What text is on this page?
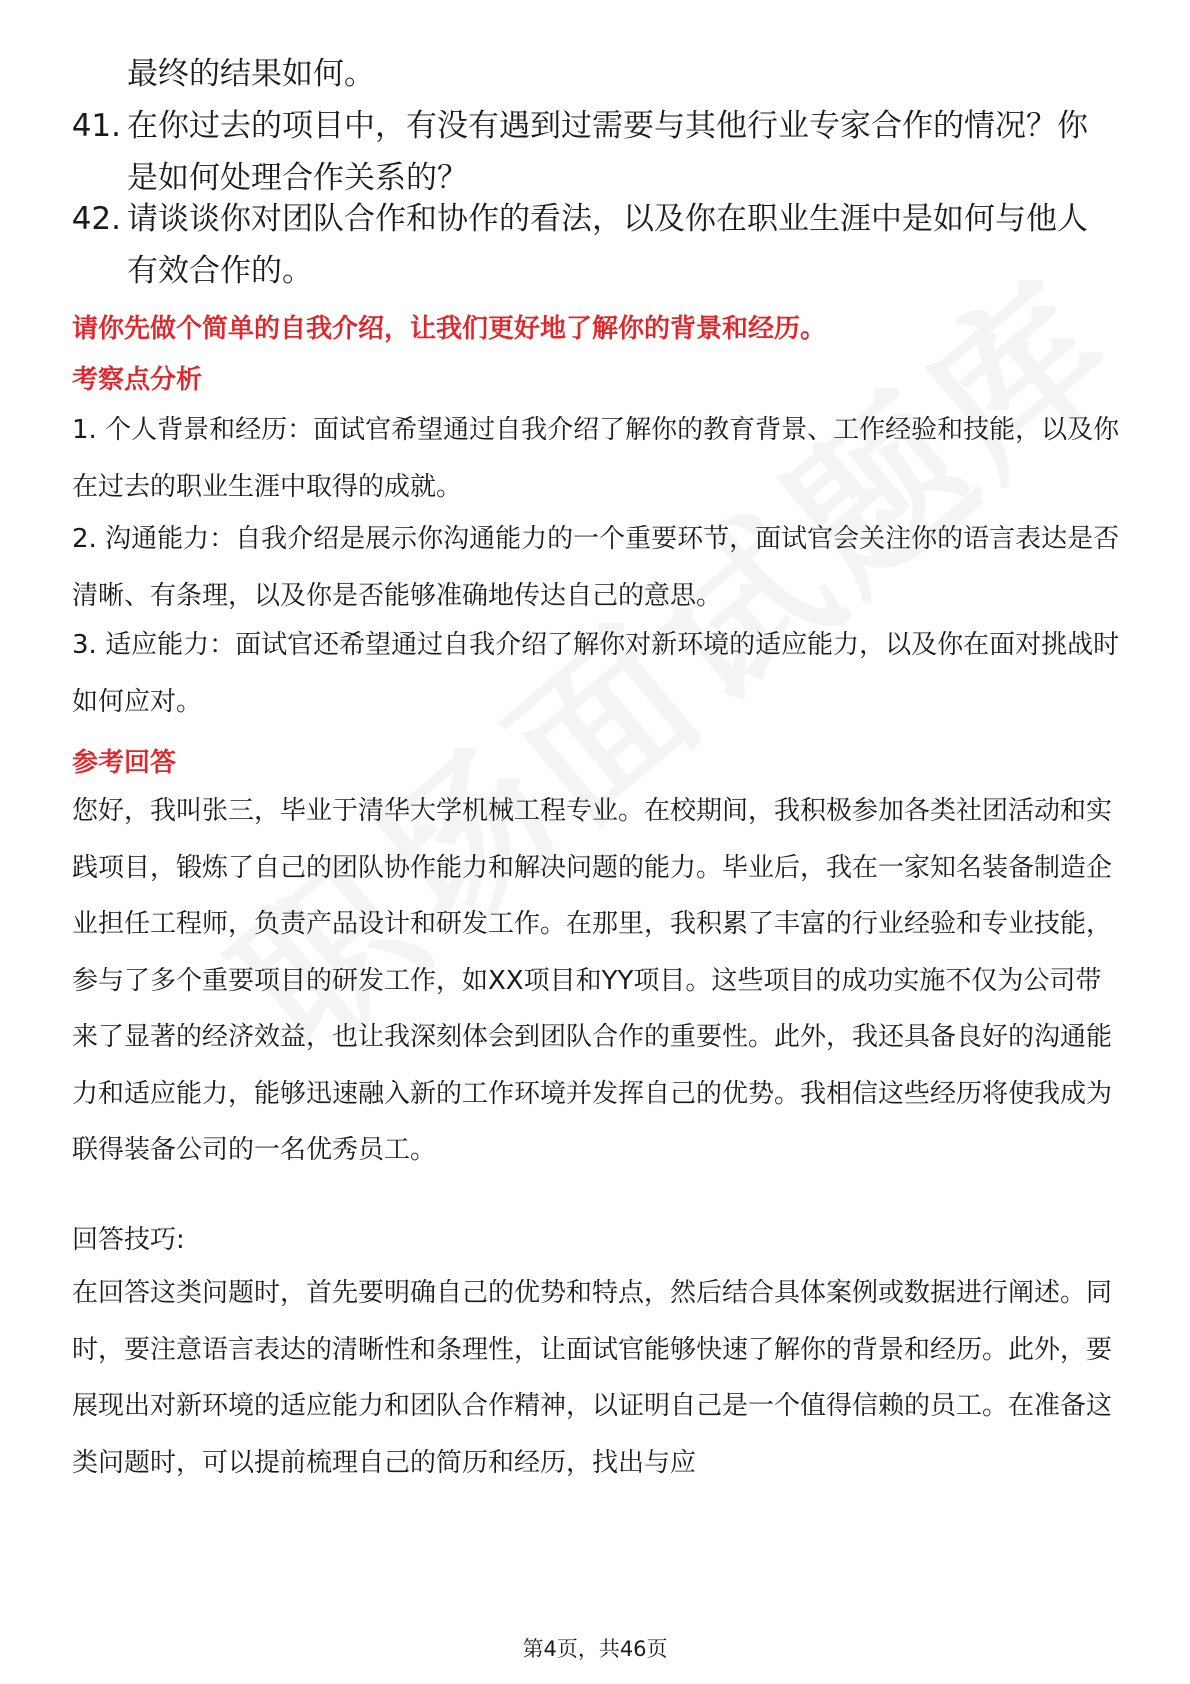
最终的结果如何。
41. 在你过去的项目中，有没有遇到过需要与其他行业专家合作的情况？你是如何处理合作关系的？
42. 请谈谈你对团队合作和协作的看法，以及你在职业生涯中是如何与他人有效合作的。
请你先做个简单的自我介绍，让我们更好地了解你的背景和经历。
考察点分析
1. 个人背景和经历：面试官希望通过自我介绍了解你的教育背景、工作经验和技能，以及你在过去的职业生涯中取得的成就。
2. 沟通能力：自我介绍是展示你沟通能力的一个重要环节，面试官会关注你的语言表达是否清晰、有条理，以及你是否能够准确地传达自己的意思。
3. 适应能力：面试官还希望通过自我介绍了解你对新环境的适应能力，以及你在面对挑战时如何应对。
参考回答
您好，我叫张三，毕业于清华大学机械工程专业。在校期间，我积极参加各类社团活动和实践项目，锻炼了自己的团队协作能力和解决问题的能力。毕业后，我在一家知名装备制造企业担任工程师，负责产品设计和研发工作。在那里，我积累了丰富的行业经验和专业技能，参与了多个重要项目的研发工作，如XX项目和YY项目。这些项目的成功实施不仅为公司带来了显著的经济效益，也让我深刻体会到团队合作的重要性。此外，我还具备良好的沟通能力和适应能力，能够迅速融入新的工作环境并发挥自己的优势。我相信这些经历将使我成为联得装备公司的一名优秀员工。
回答技巧:
在回答这类问题时，首先要明确自己的优势和特点，然后结合具体案例或数据进行阐述。同时，要注意语言表达的清晰性和条理性，让面试官能够快速了解你的背景和经历。此外，要展现出对新环境的适应能力和团队合作精神，以证明自己是一个值得信赖的员工。在准备这类问题时，可以提前梳理自己的简历和经历，找出与应
第4页，共46页
